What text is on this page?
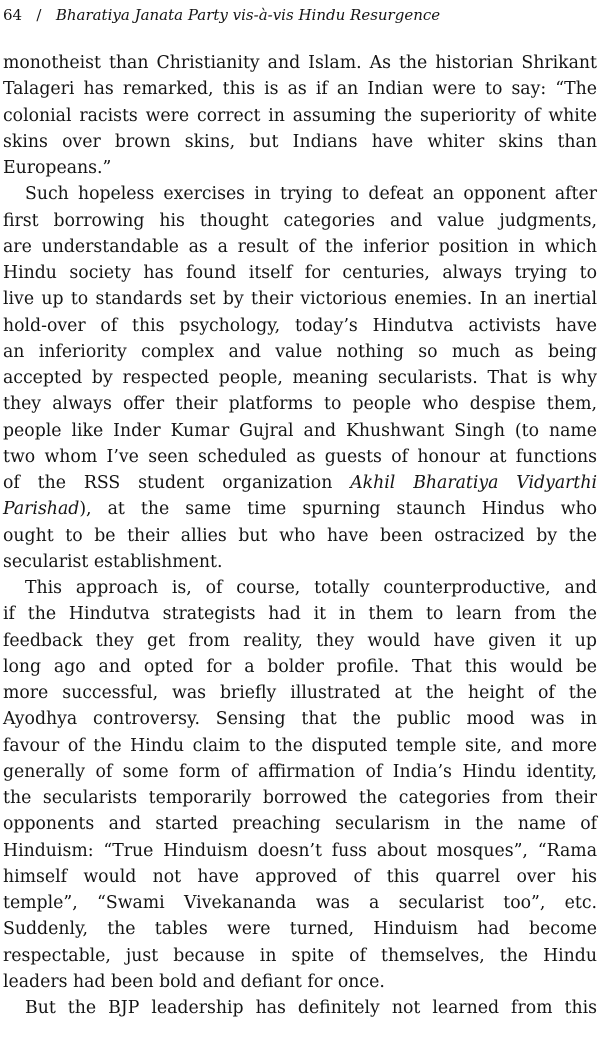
64 / Bharatiya Janata Party vis-à-vis Hindu Resurgence
monotheist than Christianity and Islam. As the historian Shrikant
Talageri has remarked, this is as if an Indian were to say: “The
colonial racists were correct in assuming the superiority of white
skins over brown skins, but Indians have whiter skins than
Europeans.”
Such hopeless exercises in trying to defeat an opponent after
first borrowing his thought categories and value judgments,
are understandable as a result of the inferior position in which
Hindu society has found itself for centuries, always trying to
live up to standards set by their victorious enemies. In an inertial
hold-over of this psychology, today’s Hindutva activists have
an inferiority complex and value nothing so much as being
accepted by respected people, meaning secularists. That is why
they always offer their platforms to people who despise them,
people like Inder Kumar Gujral and Khushwant Singh (to name
two whom I’ve seen scheduled as guests of honour at functions
of the RSS student organization Akhil Bharatiya Vidyarthi
Parishad), at the same time spurning staunch Hindus who
ought to be their allies but who have been ostracized by the
secularist establishment.
This approach is, of course, totally counterproductive, and
if the Hindutva strategists had it in them to learn from the
feedback they get from reality, they would have given it up
long ago and opted for a bolder profile. That this would be
more successful, was briefly illustrated at the height of the
Ayodhya controversy. Sensing that the public mood was in
favour of the Hindu claim to the disputed temple site, and more
generally of some form of affirmation of India’s Hindu identity,
the secularists temporarily borrowed the categories from their
opponents and started preaching secularism in the name of
Hinduism: “True Hinduism doesn’t fuss about mosques”, “Rama
himself would not have approved of this quarrel over his
temple”, “Swami Vivekananda was a secularist too”, etc.
Suddenly, the tables were turned, Hinduism had become
respectable, just because in spite of themselves, the Hindu
leaders had been bold and defiant for once.
But the BJP leadership has definitely not learned from this
